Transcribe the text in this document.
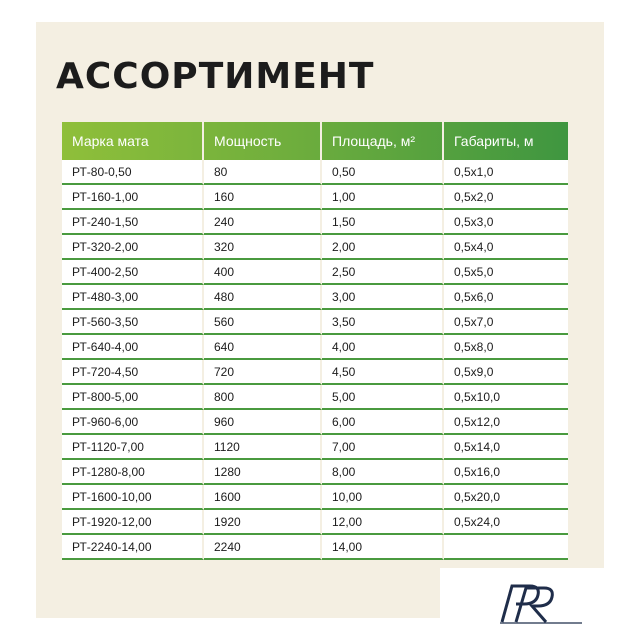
АССОРТИМЕНТ
Марка мата	Мощность	Площадь, м²	Габариты, м
РТ-80-0,50	80	0,50	0,5x1,0
РТ-160-1,00	160	1,00	0,5x2,0
РТ-240-1,50	240	1,50	0,5x3,0
РТ-320-2,00	320	2,00	0,5x4,0
РТ-400-2,50	400	2,50	0,5x5,0
РТ-480-3,00	480	3,00	0,5x6,0
РТ-560-3,50	560	3,50	0,5x7,0
РТ-640-4,00	640	4,00	0,5x8,0
РТ-720-4,50	720	4,50	0,5x9,0
РТ-800-5,00	800	5,00	0,5x10,0
РТ-960-6,00	960	6,00	0,5x12,0
РТ-1120-7,00	1120	7,00	0,5x14,0
РТ-1280-8,00	1280	8,00	0,5x16,0
РТ-1600-10,00	1600	10,00	0,5x20,0
РТ-1920-12,00	1920	12,00	0,5x24,0
РТ-2240-14,00	2240	14,00	
